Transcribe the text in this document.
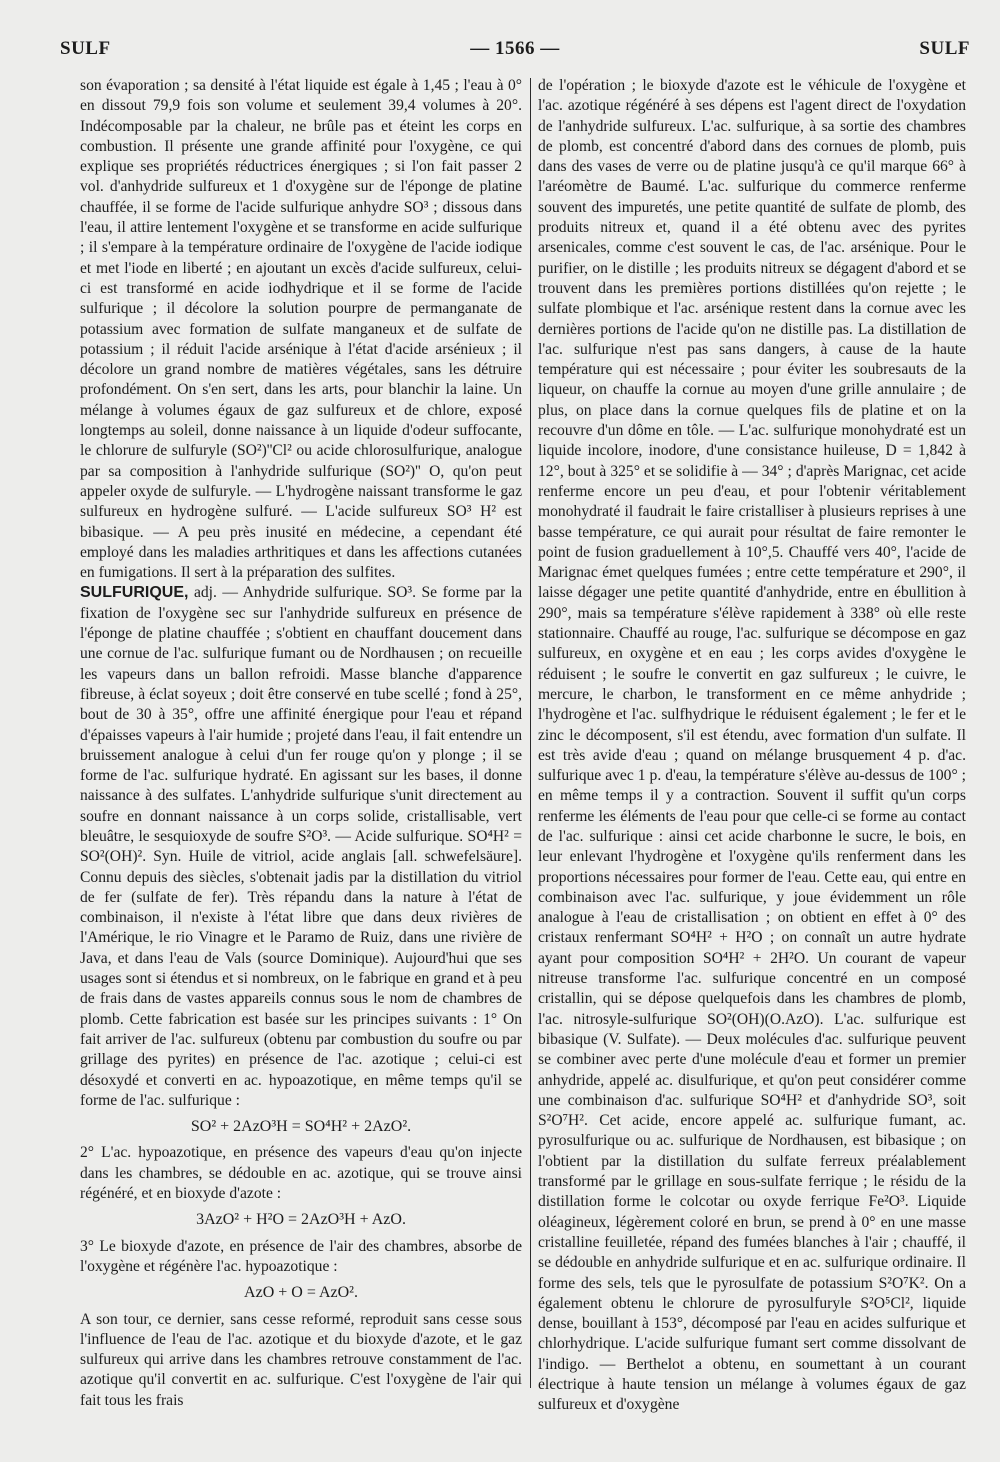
SULF	— 1566 —	SULF

son évaporation ; sa densité à l'état liquide est égale à 1,45 ; l'eau à 0° en dissout 79,9 fois son volume et seulement 39,4 volumes à 20°. Indécomposable par la chaleur, ne brûle pas et éteint les corps en combustion. Il présente une grande affinité pour l'oxygène, ce qui explique ses propriétés réductrices énergiques ; si l'on fait passer 2 vol. d'anhydride sulfureux et 1 d'oxygène sur de l'éponge de platine chauffée, il se forme de l'acide sulfurique anhydre SO³ ; dissous dans l'eau, il attire lentement l'oxygène et se transforme en acide sulfurique ; il s'empare à la température ordinaire de l'oxygène de l'acide iodique et met l'iode en liberté ; en ajoutant un excès d'acide sulfureux, celui-ci est transformé en acide iodhydrique et il se forme de l'acide sulfurique ; il décolore la solution pourpre de permanganate de potassium avec formation de sulfate manganeux et de sulfate de potassium ; il réduit l'acide arsénique à l'état d'acide arsénieux ; il décolore un grand nombre de matières végétales, sans les détruire profondément. On s'en sert, dans les arts, pour blanchir la laine. Un mélange à volumes égaux de gaz sulfureux et de chlore, exposé longtemps au soleil, donne naissance à un liquide d'odeur suffocante, le chlorure de sulfuryle (SO²)''Cl² ou acide chlorosulfurique, analogue par sa composition à l'anhydride sulfurique (SO²)'' O, qu'on peut appeler oxyde de sulfuryle. — L'hydrogène naissant transforme le gaz sulfureux en hydrogène sulfuré. — L'acide sulfureux SO³ H² est bibasique. — A peu près inusité en médecine, a cependant été employé dans les maladies arthritiques et dans les affections cutanées en fumigations. Il sert à la préparation des sulfites.

SULFURIQUE, adj. — Anhydride sulfurique. SO³. Se forme par la fixation de l'oxygène sec sur l'anhydride sulfureux en présence de l'éponge de platine chauffée ; s'obtient en chauffant doucement dans une cornue de l'ac. sulfurique fumant ou de Nordhausen ; on recueille les vapeurs dans un ballon refroidi. Masse blanche d'apparence fibreuse, à éclat soyeux ; doit être conservé en tube scellé ; fond à 25°, bout de 30 à 35°, offre une affinité énergique pour l'eau et répand d'épaisses vapeurs à l'air humide ; projeté dans l'eau, il fait entendre un bruissement analogue à celui d'un fer rouge qu'on y plonge ; il se forme de l'ac. sulfurique hydraté. En agissant sur les bases, il donne naissance à des sulfates. L'anhydride sulfurique s'unit directement au soufre en donnant naissance à un corps solide, cristallisable, vert bleuâtre, le sesquioxyde de soufre S²O³. — Acide sulfurique. SO⁴H² = SO²(OH)². Syn. Huile de vitriol, acide anglais [all. schwefelsäure]. Connu depuis des siècles, s'obtenait jadis par la distillation du vitriol de fer (sulfate de fer). Très répandu dans la nature à l'état de combinaison, il n'existe à l'état libre que dans deux rivières de l'Amérique, le rio Vinagre et le Paramo de Ruiz, dans une rivière de Java, et dans l'eau de Vals (source Dominique). Aujourd'hui que ses usages sont si étendus et si nombreux, on le fabrique en grand et à peu de frais dans de vastes appareils connus sous le nom de chambres de plomb. Cette fabrication est basée sur les principes suivants : 1° On fait arriver de l'ac. sulfureux (obtenu par combustion du soufre ou par grillage des pyrites) en présence de l'ac. azotique ; celui-ci est désoxydé et converti en ac. hypoazotique, en même temps qu'il se forme de l'ac. sulfurique :

SO² + 2AzO³H = SO⁴H² + 2AzO².

2° L'ac. hypoazotique, en présence des vapeurs d'eau qu'on injecte dans les chambres, se dédouble en ac. azotique, qui se trouve ainsi régénéré, et en bioxyde d'azote :

3AzO² + H²O = 2AzO³H + AzO.

3° Le bioxyde d'azote, en présence de l'air des chambres, absorbe de l'oxygène et régénère l'ac. hypoazotique :

AzO + O = AzO².

A son tour, ce dernier, sans cesse reformé, reproduit sans cesse sous l'influence de l'eau de l'ac. azotique et du bioxyde d'azote, et le gaz sulfureux qui arrive dans les chambres retrouve constamment de l'ac. azotique qu'il convertit en ac. sulfurique. C'est l'oxygène de l'air qui fait tous les frais

de l'opération ; le bioxyde d'azote est le véhicule de l'oxygène et l'ac. azotique régénéré à ses dépens est l'agent direct de l'oxydation de l'anhydride sulfureux. L'ac. sulfurique, à sa sortie des chambres de plomb, est concentré d'abord dans des cornues de plomb, puis dans des vases de verre ou de platine jusqu'à ce qu'il marque 66° à l'aréomètre de Baumé. L'ac. sulfurique du commerce renferme souvent des impuretés, une petite quantité de sulfate de plomb, des produits nitreux et, quand il a été obtenu avec des pyrites arsenicales, comme c'est souvent le cas, de l'ac. arsénique. Pour le purifier, on le distille ; les produits nitreux se dégagent d'abord et se trouvent dans les premières portions distillées qu'on rejette ; le sulfate plombique et l'ac. arsénique restent dans la cornue avec les dernières portions de l'acide qu'on ne distille pas. La distillation de l'ac. sulfurique n'est pas sans dangers, à cause de la haute température qui est nécessaire ; pour éviter les soubresauts de la liqueur, on chauffe la cornue au moyen d'une grille annulaire ; de plus, on place dans la cornue quelques fils de platine et on la recouvre d'un dôme en tôle. — L'ac. sulfurique monohydraté est un liquide incolore, inodore, d'une consistance huileuse, D = 1,842 à 12°, bout à 325° et se solidifie à — 34° ; d'après Marignac, cet acide renferme encore un peu d'eau, et pour l'obtenir véritablement monohydraté il faudrait le faire cristalliser à plusieurs reprises à une basse température, ce qui aurait pour résultat de faire remonter le point de fusion graduellement à 10°,5. Chauffé vers 40°, l'acide de Marignac émet quelques fumées ; entre cette température et 290°, il laisse dégager une petite quantité d'anhydride, entre en ébullition à 290°, mais sa température s'élève rapidement à 338° où elle reste stationnaire. Chauffé au rouge, l'ac. sulfurique se décompose en gaz sulfureux, en oxygène et en eau ; les corps avides d'oxygène le réduisent ; le soufre le convertit en gaz sulfureux ; le cuivre, le mercure, le charbon, le transforment en ce même anhydride ; l'hydrogène et l'ac. sulfhydrique le réduisent également ; le fer et le zinc le décomposent, s'il est étendu, avec formation d'un sulfate. Il est très avide d'eau ; quand on mélange brusquement 4 p. d'ac. sulfurique avec 1 p. d'eau, la température s'élève au-dessus de 100° ; en même temps il y a contraction. Souvent il suffit qu'un corps renferme les éléments de l'eau pour que celle-ci se forme au contact de l'ac. sulfurique : ainsi cet acide charbonne le sucre, le bois, en leur enlevant l'hydrogène et l'oxygène qu'ils renferment dans les proportions nécessaires pour former de l'eau. Cette eau, qui entre en combinaison avec l'ac. sulfurique, y joue évidemment un rôle analogue à l'eau de cristallisation ; on obtient en effet à 0° des cristaux renfermant SO⁴H² + H²O ; on connaît un autre hydrate ayant pour composition SO⁴H² + 2H²O. Un courant de vapeur nitreuse transforme l'ac. sulfurique concentré en un composé cristallin, qui se dépose quelquefois dans les chambres de plomb, l'ac. nitrosyle-sulfurique SO²(OH)(O.AzO). L'ac. sulfurique est bibasique (V. Sulfate). — Deux molécules d'ac. sulfurique peuvent se combiner avec perte d'une molécule d'eau et former un premier anhydride, appelé ac. disulfurique, et qu'on peut considérer comme une combinaison d'ac. sulfurique SO⁴H² et d'anhydride SO³, soit S²O⁷H². Cet acide, encore appelé ac. sulfurique fumant, ac. pyrosulfurique ou ac. sulfurique de Nordhausen, est bibasique ; on l'obtient par la distillation du sulfate ferreux préalablement transformé par le grillage en sous-sulfate ferrique ; le résidu de la distillation forme le colcotar ou oxyde ferrique Fe²O³. Liquide oléagineux, légèrement coloré en brun, se prend à 0° en une masse cristalline feuilletée, répand des fumées blanches à l'air ; chauffé, il se dédouble en anhydride sulfurique et en ac. sulfurique ordinaire. Il forme des sels, tels que le pyrosulfate de potassium S²O⁷K². On a également obtenu le chlorure de pyrosulfuryle S²O⁵Cl², liquide dense, bouillant à 153°, décomposé par l'eau en acides sulfurique et chlorhydrique. L'acide sulfurique fumant sert comme dissolvant de l'indigo. — Berthelot a obtenu, en soumettant à un courant électrique à haute tension un mélange à volumes égaux de gaz sulfureux et d'oxygène
